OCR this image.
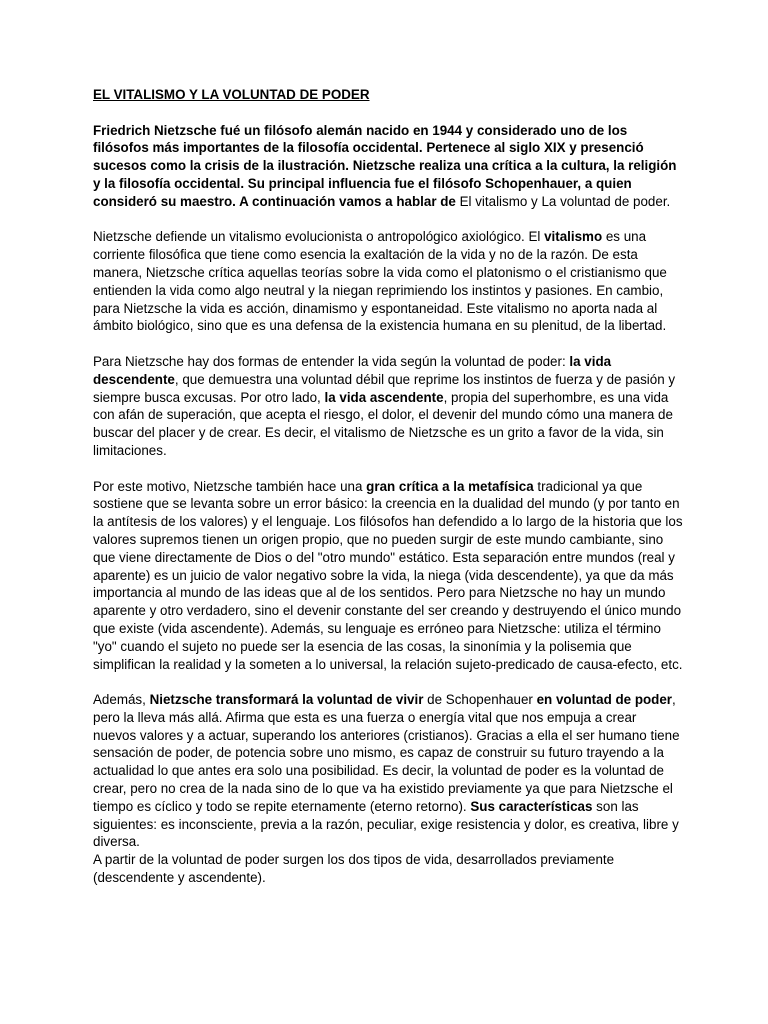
EL VITALISMO Y LA VOLUNTAD DE PODER

Friedrich Nietzsche fué un filósofo alemán nacido en 1944 y considerado uno de los filósofos más importantes de la filosofía occidental. Pertenece al siglo XIX y presenció sucesos como la crisis de la ilustración. Nietzsche realiza una crítica a la cultura, la religión y la filosofía occidental. Su principal influencia fue el filósofo Schopenhauer, a quien consideró su maestro. A continuación vamos a hablar de El vitalismo y La voluntad de poder.

Nietzsche defiende un vitalismo evolucionista o antropológico axiológico. El vitalismo es una corriente filosófica que tiene como esencia la exaltación de la vida y no de la razón. De esta manera, Nietzsche crítica aquellas teorías sobre la vida como el platonismo o el cristianismo que entienden la vida como algo neutral y la niegan reprimiendo los instintos y pasiones. En cambio, para Nietzsche la vida es acción, dinamismo y espontaneidad. Este vitalismo no aporta nada al ámbito biológico, sino que es una defensa de la existencia humana en su plenitud, de la libertad.

Para Nietzsche hay dos formas de entender la vida según la voluntad de poder: la vida descendente, que demuestra una voluntad débil que reprime los instintos de fuerza y de pasión y siempre busca excusas. Por otro lado, la vida ascendente, propia del superhombre, es una vida con afán de superación, que acepta el riesgo, el dolor, el devenir del mundo cómo una manera de buscar del placer y de crear. Es decir, el vitalismo de Nietzsche es un grito a favor de la vida, sin limitaciones.

Por este motivo, Nietzsche también hace una gran crítica a la metafísica tradicional ya que sostiene que se levanta sobre un error básico: la creencia en la dualidad del mundo (y por tanto en la antítesis de los valores) y el lenguaje. Los filósofos han defendido a lo largo de la historia que los valores supremos tienen un origen propio, que no pueden surgir de este mundo cambiante, sino que viene directamente de Dios o del "otro mundo" estático. Esta separación entre mundos (real y aparente) es un juicio de valor negativo sobre la vida, la niega (vida descendente), ya que da más importancia al mundo de las ideas que al de los sentidos. Pero para Nietzsche no hay un mundo aparente y otro verdadero, sino el devenir constante del ser creando y destruyendo el único mundo que existe (vida ascendente). Además, su lenguaje es erróneo para Nietzsche: utiliza el término "yo" cuando el sujeto no puede ser la esencia de las cosas, la sinonímia y la polisemia que simplifican la realidad y la someten a lo universal, la relación sujeto-predicado de causa-efecto, etc.

Además, Nietzsche transformará la voluntad de vivir de Schopenhauer en voluntad de poder, pero la lleva más allá. Afirma que esta es una fuerza o energía vital que nos empuja a crear nuevos valores y a actuar, superando los anteriores (cristianos). Gracias a ella el ser humano tiene sensación de poder, de potencia sobre uno mismo, es capaz de construir su futuro trayendo a la actualidad lo que antes era solo una posibilidad. Es decir, la voluntad de poder es la voluntad de crear, pero no crea de la nada sino de lo que va ha existido previamente ya que para Nietzsche el tiempo es cíclico y todo se repite eternamente (eterno retorno). Sus características son las siguientes: es inconsciente, previa a la razón, peculiar, exige resistencia y dolor, es creativa, libre y diversa.

A partir de la voluntad de poder surgen los dos tipos de vida, desarrollados previamente (descendente y ascendente).
